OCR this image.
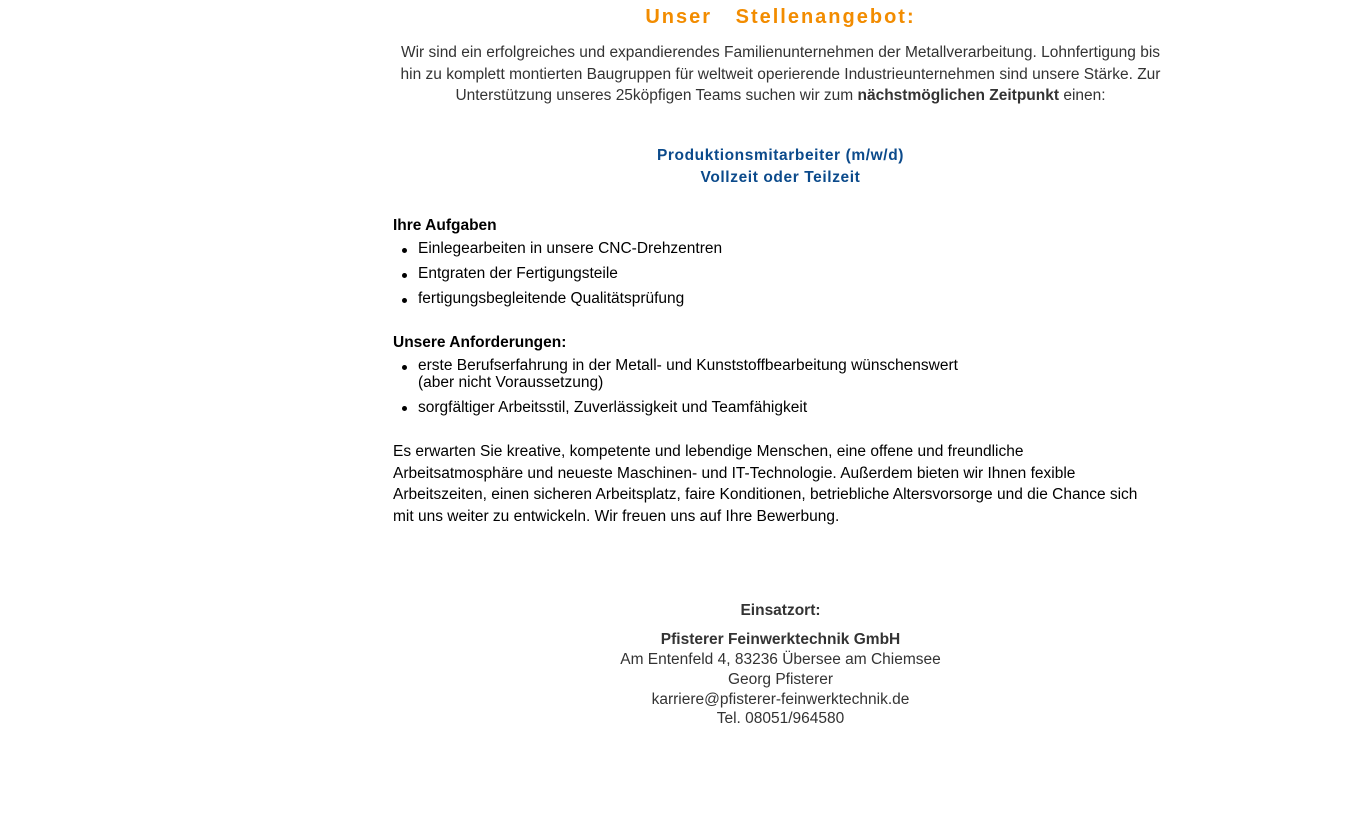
Unser Stellenangebot:
Wir sind ein erfolgreiches und expandierendes Familienunternehmen der Metallverarbeitung. Lohnfertigung bis hin zu komplett montierten Baugruppen für weltweit operierende Industrieunternehmen sind unsere Stärke. Zur Unterstützung unseres 25köpfigen Teams suchen wir zum nächstmöglichen Zeitpunkt einen:
Produktionsmitarbeiter (m/w/d)
Vollzeit oder Teilzeit
Ihre Aufgaben
Einlegearbeiten in unsere CNC-Drehzentren
Entgraten der Fertigungsteile
fertigungsbegleitende Qualitätsprüfung
Unsere Anforderungen:
erste Berufserfahrung in der Metall- und Kunststoffbearbeitung wünschenswert
(aber nicht Voraussetzung)
sorgfältiger Arbeitsstil, Zuverlässigkeit und Teamfähigkeit
Es erwarten Sie kreative, kompetente und lebendige Menschen, eine offene und freundliche Arbeitsatmosphäre und neueste Maschinen- und IT-Technologie. Außerdem bieten wir Ihnen fexible Arbeitszeiten, einen sicheren Arbeitsplatz, faire Konditionen, betriebliche Altersvorsorge und die Chance sich mit uns weiter zu entwickeln. Wir freuen uns auf Ihre Bewerbung.
Einsatzort:
Pfisterer Feinwerktechnik GmbH
Am Entenfeld 4, 83236 Übersee am Chiemsee
Georg Pfisterer
karriere@pfisterer-feinwerktechnik.de
Tel. 08051/964580
